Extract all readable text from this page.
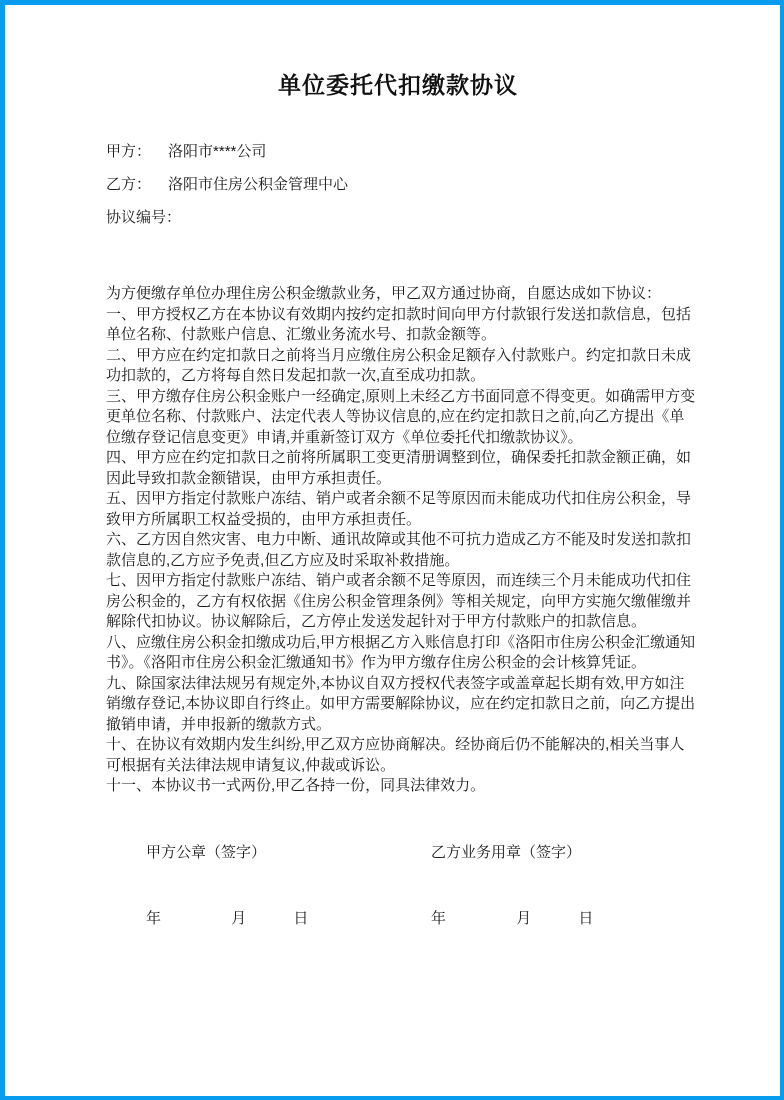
单位委托代扣缴款协议
甲方： 洛阳市****公司
乙方： 洛阳市住房公积金管理中心
协议编号：

为方便缴存单位办理住房公积金缴款业务，甲乙双方通过协商，自愿达成如下协议：

一、甲方授权乙方在本协议有效期内按约定扣款时间向甲方付款银行发送扣款信息，包括单位名称、付款账户信息、汇缴业务流水号、扣款金额等。

二、甲方应在约定扣款日之前将当月应缴住房公积金足额存入付款账户。约定扣款日未成功扣款的，乙方将每自然日发起扣款一次,直至成功扣款。

三、甲方缴存住房公积金账户一经确定,原则上未经乙方书面同意不得变更。如确需甲方变更单位名称、付款账户、法定代表人等协议信息的,应在约定扣款日之前,向乙方提出《单位缴存登记信息变更》申请,并重新签订双方《单位委托代扣缴款协议》。

四、甲方应在约定扣款日之前将所属职工变更清册调整到位，确保委托扣款金额正确，如因此导致扣款金额错误，由甲方承担责任。

五、因甲方指定付款账户冻结、销户或者余额不足等原因而未能成功代扣住房公积金，导致甲方所属职工权益受损的，由甲方承担责任。

六、乙方因自然灾害、电力中断、通讯故障或其他不可抗力造成乙方不能及时发送扣款扣款信息的,乙方应予免责,但乙方应及时采取补救措施。

七、因甲方指定付款账户冻结、销户或者余额不足等原因，而连续三个月未能成功代扣住房公积金的，乙方有权依据《住房公积金管理条例》等相关规定，向甲方实施欠缴催缴并解除代扣协议。协议解除后，乙方停止发送发起针对于甲方付款账户的扣款信息。

八、应缴住房公积金扣缴成功后,甲方根据乙方入账信息打印《洛阳市住房公积金汇缴通知书》。《洛阳市住房公积金汇缴通知书》作为甲方缴存住房公积金的会计核算凭证。

九、除国家法律法规另有规定外,本协议自双方授权代表签字或盖章起长期有效,甲方如注销缴存登记,本协议即自行终止。如甲方需要解除协议，应在约定扣款日之前，向乙方提出撤销申请，并申报新的缴款方式。

十、在协议有效期内发生纠纷,甲乙双方应协商解决。经协商后仍不能解决的,相关当事人可根据有关法律法规申请复议,仲裁或诉讼。

十一、本协议书一式两份,甲乙各持一份，同具法律效力。

甲方公章（签字）
年	月	日
乙方业务用章（签字）
年	月	日
